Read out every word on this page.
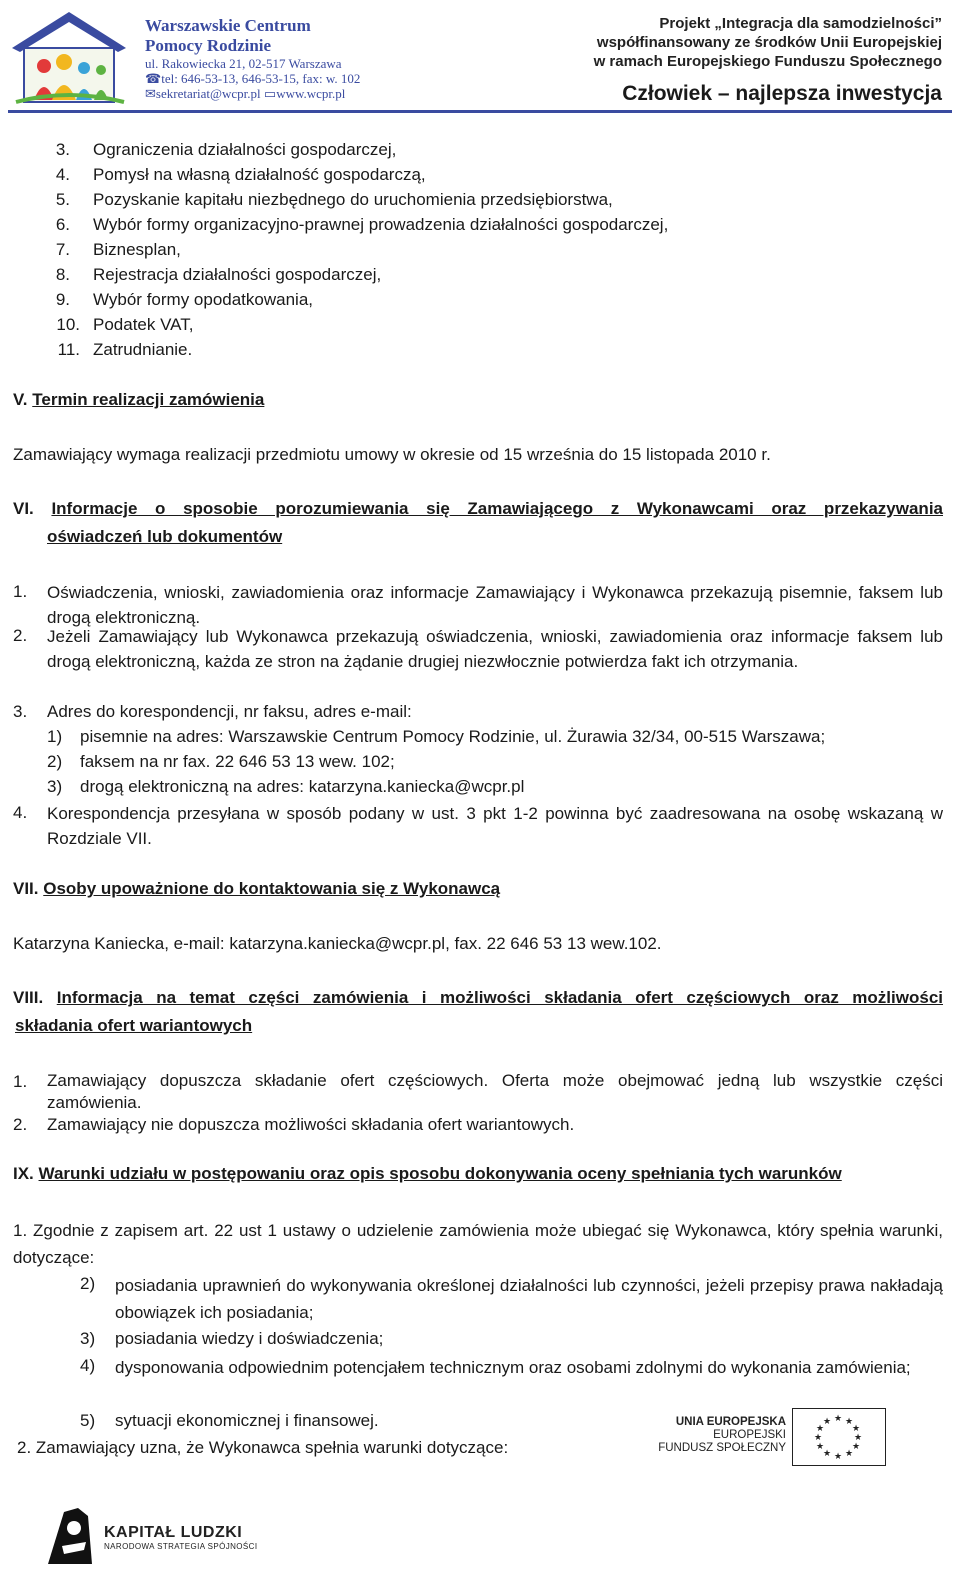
Warszawskie Centrum
Pomocy Rodzinie
ul. Rakowiecka 21, 02-517 Warszawa
☎tel: 646-53-13, 646-53-15, fax: w. 102
✉sekretariat@wcpr.pl ▭www.wcpr.pl
Projekt „Integracja dla samodzielności”
współfinansowany ze środków Unii Europejskiej
w ramach Europejskiego Funduszu Społecznego
Człowiek – najlepsza inwestycja
3. Ograniczenia działalności gospodarczej,
4. Pomysł na własną działalność gospodarczą,
5. Pozyskanie kapitału niezbędnego do uruchomienia przedsiębiorstwa,
6. Wybór formy organizacyjno-prawnej prowadzenia działalności gospodarczej,
7. Biznesplan,
8. Rejestracja działalności gospodarczej,
9. Wybór formy opodatkowania,
10. Podatek VAT,
11. Zatrudnianie.
V. Termin realizacji zamówienia
Zamawiający wymaga realizacji przedmiotu umowy w okresie od 15 września do 15 listopada 2010 r.
VI. Informacje o sposobie porozumiewania się Zamawiającego z Wykonawcami oraz przekazywania
oświadczeń lub dokumentów
1. Oświadczenia, wnioski, zawiadomienia oraz informacje Zamawiający i Wykonawca przekazują pisemnie, faksem lub drogą elektroniczną.
2. Jeżeli Zamawiający lub Wykonawca przekazują oświadczenia, wnioski, zawiadomienia oraz informacje faksem lub drogą elektroniczną, każda ze stron na żądanie drugiej niezwłocznie potwierdza fakt ich otrzymania.
3. Adres do korespondencji, nr faksu, adres e-mail:
1) pisemnie na adres: Warszawskie Centrum Pomocy Rodzinie, ul. Żurawia 32/34, 00-515 Warszawa;
2) faksem na nr fax. 22 646 53 13 wew. 102;
3) drogą elektroniczną na adres: katarzyna.kaniecka@wcpr.pl
4. Korespondencja przesyłana w sposób podany w ust. 3 pkt 1-2 powinna być zaadresowana na osobę wskazaną w Rozdziale VII.
VII. Osoby upoważnione do kontaktowania się z Wykonawcą
Katarzyna Kaniecka, e-mail: katarzyna.kaniecka@wcpr.pl, fax. 22 646 53 13 wew.102.
VIII. Informacja na temat części zamówienia i możliwości składania ofert częściowych oraz możliwości
składania ofert wariantowych
1. Zamawiający dopuszcza składanie ofert częściowych. Oferta może obejmować jedną lub wszystkie części zamówienia.
2. Zamawiający nie dopuszcza możliwości składania ofert wariantowych.
IX. Warunki udziału w postępowaniu oraz opis sposobu dokonywania oceny spełniania tych warunków
1. Zgodnie z zapisem art. 22 ust 1 ustawy o udzielenie zamówienia może ubiegać się Wykonawca, który spełnia warunki, dotyczące:
2) posiadania uprawnień do wykonywania określonej działalności lub czynności, jeżeli przepisy prawa nakładają obowiązek ich posiadania;
3) posiadania wiedzy i doświadczenia;
4) dysponowania odpowiednim potencjałem technicznym oraz osobami zdolnymi do wykonania zamówienia;
5) sytuacji ekonomicznej i finansowej.
2. Zamawiający uzna, że Wykonawca spełnia warunki dotyczące:
UNIA EUROPEJSKA
EUROPEJSKI
FUNDUSZ SPOŁECZNY
★ ★
★
★
★
★
★
★
★
★
★
★
KAPITAŁ LUDZKI
NARODOWA STRATEGIA SPÓJNOŚCI
